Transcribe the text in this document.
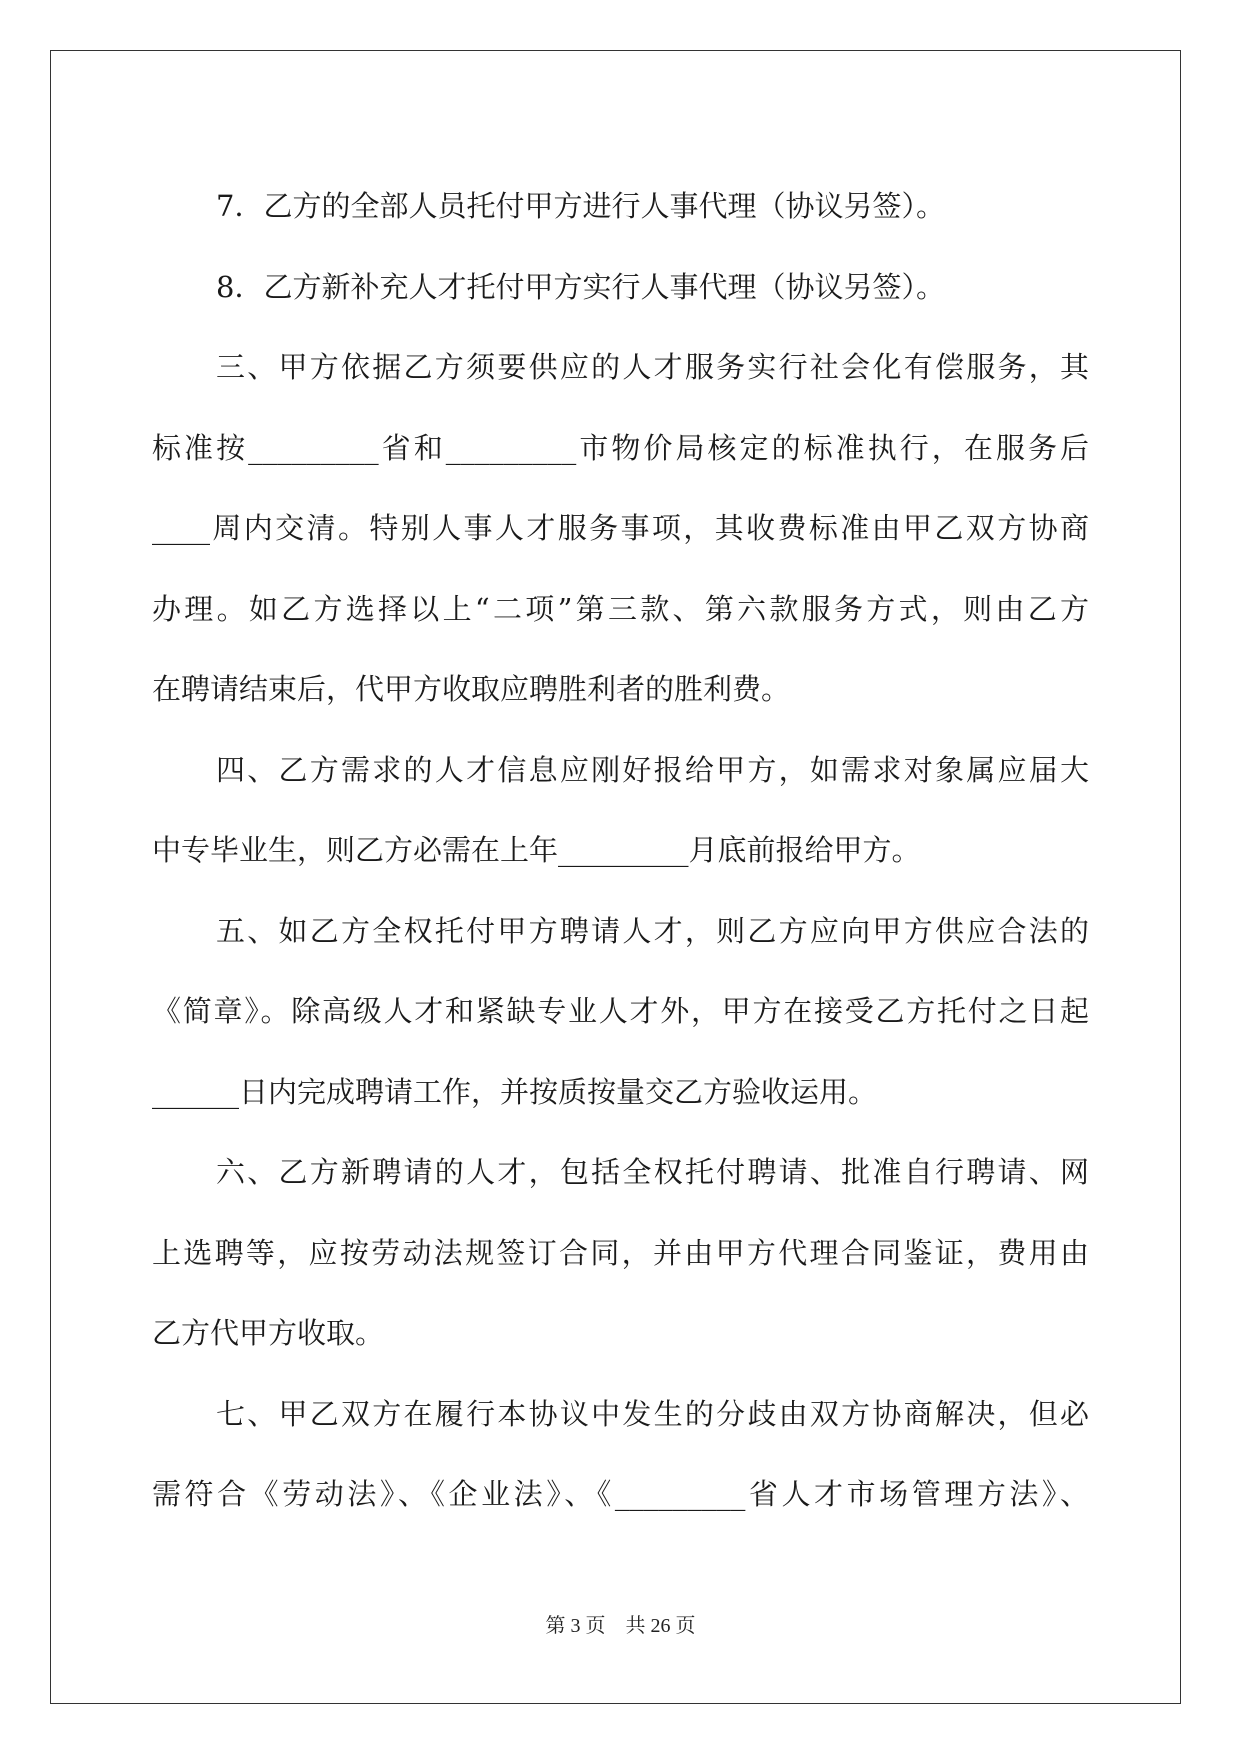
7．乙方的全部人员托付甲方进行人事代理（协议另签）。
8．乙方新补充人才托付甲方实行人事代理（协议另签）。
三、甲方依据乙方须要供应的人才服务实行社会化有偿服务，其
标准按_________省和_________市物价局核定的标准执行，在服务后
____周内交清。特别人事人才服务事项，其收费标准由甲乙双方协商
办理。如乙方选择以上“二项”第三款、第六款服务方式，则由乙方
在聘请结束后，代甲方收取应聘胜利者的胜利费。
四、乙方需求的人才信息应刚好报给甲方，如需求对象属应届大
中专毕业生，则乙方必需在上年_________月底前报给甲方。
五、如乙方全权托付甲方聘请人才，则乙方应向甲方供应合法的
《简章》。除高级人才和紧缺专业人才外，甲方在接受乙方托付之日起
______日内完成聘请工作，并按质按量交乙方验收运用。
六、乙方新聘请的人才，包括全权托付聘请、批准自行聘请、网
上选聘等，应按劳动法规签订合同，并由甲方代理合同鉴证，费用由
乙方代甲方收取。
七、甲乙双方在履行本协议中发生的分歧由双方协商解决，但必
需符合《劳动法》、《企业法》、《_________省人才市场管理方法》、
第 3 页 共 26 页
